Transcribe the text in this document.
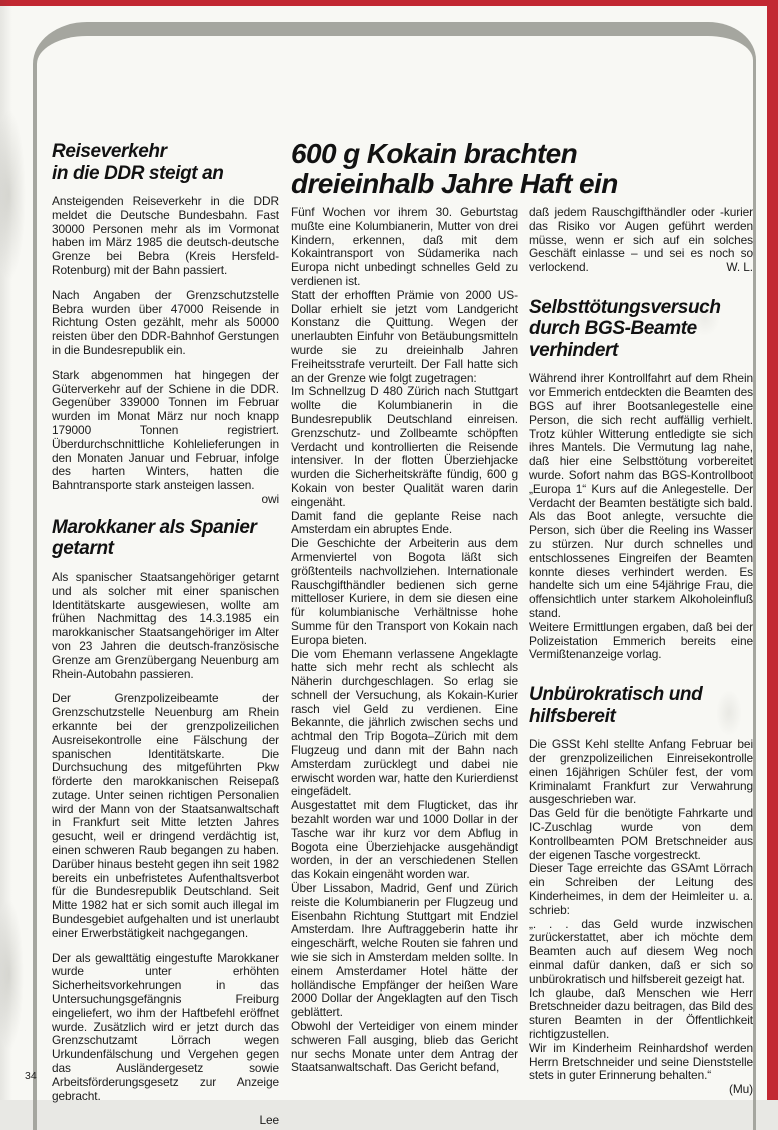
600 g Kokain brachten
dreieinhalb Jahre Haft ein
Reiseverkehr
in die DDR steigt an

Ansteigenden Reiseverkehr in die DDR meldet die Deutsche Bundesbahn. Fast 30000 Personen mehr als im Vormonat haben im März 1985 die deutsch-deutsche Grenze bei Bebra (Kreis Hersfeld-Rotenburg) mit der Bahn passiert.

Nach Angaben der Grenzschutzstelle Bebra wurden über 47000 Reisende in Richtung Osten gezählt, mehr als 50000 reisten über den DDR-Bahnhof Gerstungen in die Bundesrepublik ein.

Stark abgenommen hat hingegen der Güterverkehr auf der Schiene in die DDR. Gegenüber 339000 Tonnen im Februar wurden im Monat März nur noch knapp 179000 Tonnen registriert. Überdurchschnittliche Kohlelieferungen in den Monaten Januar und Februar, infolge des harten Winters, hatten die Bahntransporte stark ansteigen lassen.
owi

Marokkaner als Spanier
getarnt

Als spanischer Staatsangehöriger getarnt und als solcher mit einer spanischen Identitätskarte ausgewiesen, wollte am frühen Nachmittag des 14.3.1985 ein marokkanischer Staatsangehöriger im Alter von 23 Jahren die deutsch-französische Grenze am Grenzübergang Neuenburg am Rhein-Autobahn passieren.

Der Grenzpolizeibeamte der Grenzschutzstelle Neuenburg am Rhein erkannte bei der grenzpolizeilichen Ausreisekontrolle eine Fälschung der spanischen Identitätskarte. Die Durchsuchung des mitgeführten Pkw förderte den marokkanischen Reisepaß zutage. Unter seinen richtigen Personalien wird der Mann von der Staatsanwaltschaft in Frankfurt seit Mitte letzten Jahres gesucht, weil er dringend verdächtig ist, einen schweren Raub begangen zu haben. Darüber hinaus besteht gegen ihn seit 1982 bereits ein unbefristetes Aufenthaltsverbot für die Bundesrepublik Deutschland. Seit Mitte 1982 hat er sich somit auch illegal im Bundesgebiet aufgehalten und ist unerlaubt einer Erwerbstätigkeit nachgegangen.

Der als gewalttätig eingestufte Marokkaner wurde unter erhöhten Sicherheitsvorkehrungen in das Untersuchungsgefängnis Freiburg eingeliefert, wo ihm der Haftbefehl eröffnet wurde. Zusätzlich wird er jetzt durch das Grenzschutzamt Lörrach wegen Urkundenfälschung und Vergehen gegen das Ausländergesetz sowie Arbeitsförderungsgesetz zur Anzeige gebracht.

Lee

Fünf Wochen vor ihrem 30. Geburtstag mußte eine Kolumbianerin, Mutter von drei Kindern, erkennen, daß mit dem Kokaintransport von Südamerika nach Europa nicht unbedingt schnelles Geld zu verdienen ist.

Statt der erhofften Prämie von 2000 US-Dollar erhielt sie jetzt vom Landgericht Konstanz die Quittung. Wegen der unerlaubten Einfuhr von Betäubungsmitteln wurde sie zu dreieinhalb Jahren Freiheitsstrafe verurteilt. Der Fall hatte sich an der Grenze wie folgt zugetragen:

Im Schnellzug D 480 Zürich nach Stuttgart wollte die Kolumbianerin in die Bundesrepublik Deutschland einreisen. Grenzschutz- und Zollbeamte schöpften Verdacht und kontrollierten die Reisende intensiver. In der flotten Überziehjacke wurden die Sicherheitskräfte fündig, 600 g Kokain von bester Qualität waren darin eingenäht.

Damit fand die geplante Reise nach Amsterdam ein abruptes Ende.

Die Geschichte der Arbeiterin aus dem Armenviertel von Bogota läßt sich größtenteils nachvollziehen. Internationale Rauschgifthändler bedienen sich gerne mittelloser Kuriere, in dem sie diesen eine für kolumbianische Verhältnisse hohe Summe für den Transport von Kokain nach Europa bieten.

Die vom Ehemann verlassene Angeklagte hatte sich mehr recht als schlecht als Näherin durchgeschlagen. So erlag sie schnell der Versuchung, als Kokain-Kurier rasch viel Geld zu verdienen. Eine Bekannte, die jährlich zwischen sechs und achtmal den Trip Bogota–Zürich mit dem Flugzeug und dann mit der Bahn nach Amsterdam zurücklegt und dabei nie erwischt worden war, hatte den Kurierdienst eingefädelt.

Ausgestattet mit dem Flugticket, das ihr bezahlt worden war und 1000 Dollar in der Tasche war ihr kurz vor dem Abflug in Bogota eine Überziehjacke ausgehändigt worden, in der an verschiedenen Stellen das Kokain eingenäht worden war.

Über Lissabon, Madrid, Genf und Zürich reiste die Kolumbianerin per Flugzeug und Eisenbahn Richtung Stuttgart mit Endziel Amsterdam. Ihre Auftraggeberin hatte ihr eingeschärft, welche Routen sie fahren und wie sie sich in Amsterdam melden sollte. In einem Amsterdamer Hotel hätte der holländische Empfänger der heißen Ware 2000 Dollar der Angeklagten auf den Tisch geblättert.

Obwohl der Verteidiger von einem minder schweren Fall ausging, blieb das Gericht nur sechs Monate unter dem Antrag der Staatsanwaltschaft. Das Gericht befand,

daß jedem Rauschgifthändler oder -kurier das Risiko vor Augen geführt werden müsse, wenn er sich auf ein solches Geschäft einlasse – und sei es noch so verlockend.	W. L.

Selbsttötungsversuch
durch BGS-Beamte
verhindert

Während ihrer Kontrollfahrt auf dem Rhein vor Emmerich entdeckten die Beamten des BGS auf ihrer Bootsanlegestelle eine Person, die sich recht auffällig verhielt. Trotz kühler Witterung entledigte sie sich ihres Mantels. Die Vermutung lag nahe, daß hier eine Selbsttötung vorbereitet wurde. Sofort nahm das BGS-Kontrollboot „Europa 1“ Kurs auf die Anlegestelle. Der Verdacht der Beamten bestätigte sich bald. Als das Boot anlegte, versuchte die Person, sich über die Reeling ins Wasser zu stürzen. Nur durch schnelles und entschlossenes Eingreifen der Beamten konnte dieses verhindert werden. Es handelte sich um eine 54jährige Frau, die offensichtlich unter starkem Alkoholeinfluß stand.

Weitere Ermittlungen ergaben, daß bei der Polizeistation Emmerich bereits eine Vermißtenanzeige vorlag.

Unbürokratisch und
hilfsbereit

Die GSSt Kehl stellte Anfang Februar bei der grenzpolizeilichen Einreisekontrolle einen 16jährigen Schüler fest, der vom Kriminalamt Frankfurt zur Verwahrung ausgeschrieben war.

Das Geld für die benötigte Fahrkarte und IC-Zuschlag wurde von dem Kontrollbeamten POM Bretschneider aus der eigenen Tasche vorgestreckt.

Dieser Tage erreichte das GSAmt Lörrach ein Schreiben der Leitung des Kinderheimes, in dem der Heimleiter u. a. schrieb:

„. . . das Geld wurde inzwischen zurückerstattet, aber ich möchte dem Beamten auch auf diesem Weg noch einmal dafür danken, daß er sich so unbürokratisch und hilfsbereit gezeigt hat.

Ich glaube, daß Menschen wie Herr Bretschneider dazu beitragen, das Bild des sturen Beamten in der Öffentlichkeit richtigzustellen.

Wir im Kinderheim Reinhardshof werden Herrn Bretschneider und seine Dienststelle stets in guter Erinnerung behalten.“

(Mu)

34
